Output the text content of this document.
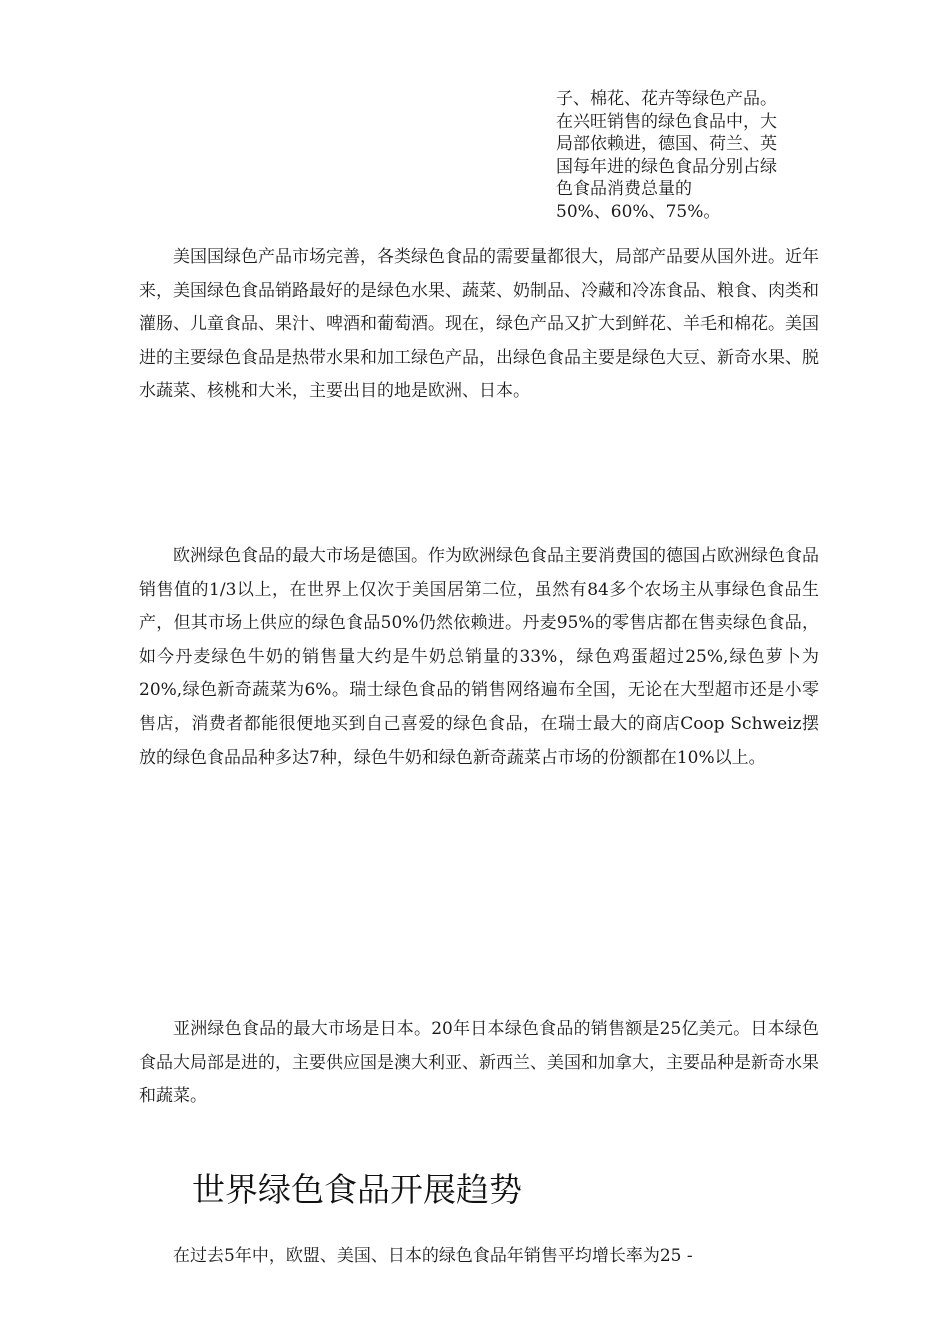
子、棉花、花卉等绿色产品。
在兴旺销售的绿色食品中，大
局部依赖进，德国、荷兰、英
国每年进的绿色食品分别占绿
色食品消费总量的
50%、60%、75%。

美国国绿色产品市场完善，各类绿色食品的需要量都很大，局部产品要从国外进。近年来，美国绿色食品销路最好的是绿色水果、蔬菜、奶制品、冷藏和冷冻食品、粮食、肉类和灌肠、儿童食品、果汁、啤酒和葡萄酒。现在，绿色产品又扩大到鲜花、羊毛和棉花。美国进的主要绿色食品是热带水果和加工绿色产品，出绿色食品主要是绿色大豆、新奇水果、脱水蔬菜、核桃和大米，主要出目的地是欧洲、日本。

欧洲绿色食品的最大市场是德国。作为欧洲绿色食品主要消费国的德国占欧洲绿色食品销售值的1/3以上，在世界上仅次于美国居第二位，虽然有84多个农场主从事绿色食品生产，但其市场上供应的绿色食品50%仍然依赖进。丹麦95%的零售店都在售卖绿色食品，如今丹麦绿色牛奶的销售量大约是牛奶总销量的33%，绿色鸡蛋超过25%,绿色萝卜为20%,绿色新奇蔬菜为6%。瑞士绿色食品的销售网络遍布全国，无论在大型超市还是小零售店，消费者都能很便地买到自己喜爱的绿色食品，在瑞士最大的商店Coop Schweiz摆放的绿色食品品种多达7种，绿色牛奶和绿色新奇蔬菜占市场的份额都在10%以上。

亚洲绿色食品的最大市场是日本。20年日本绿色食品的销售额是25亿美元。日本绿色食品大局部是进的，主要供应国是澳大利亚、新西兰、美国和加拿大，主要品种是新奇水果和蔬菜。

世界绿色食品开展趋势

在过去5年中，欧盟、美国、日本的绿色食品年销售平均增长率为25 -
